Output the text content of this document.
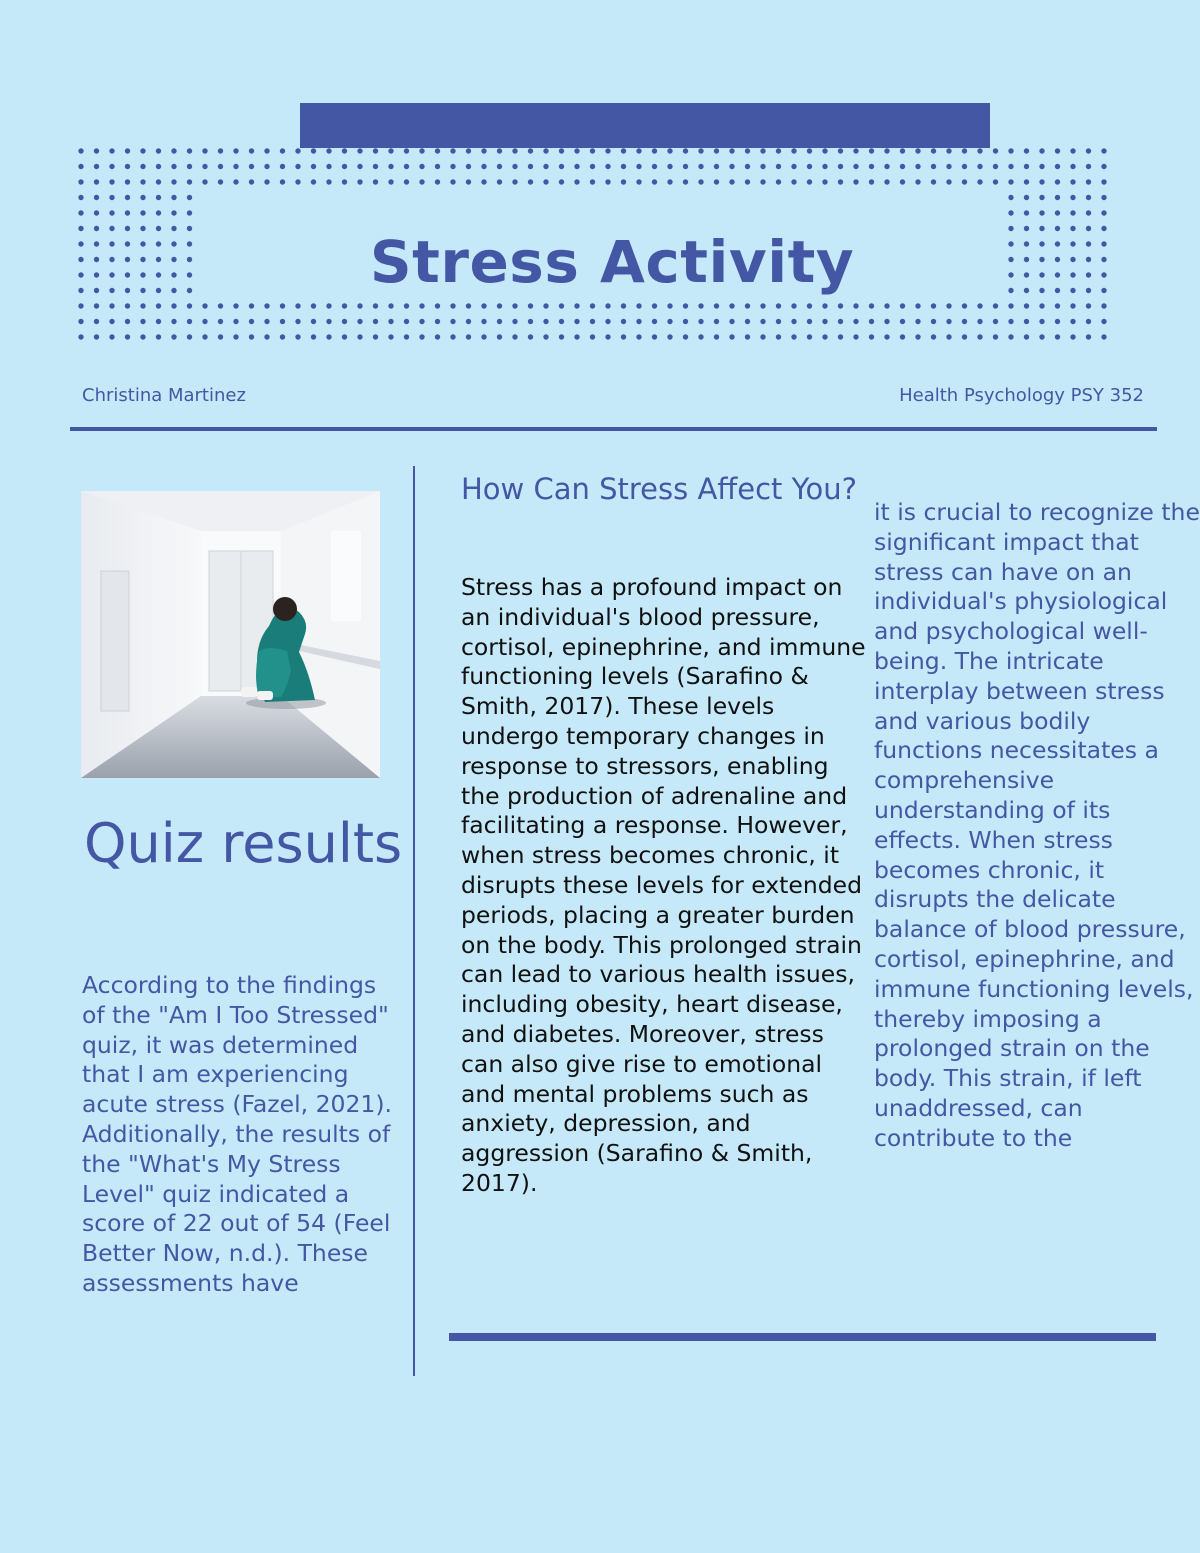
Stress Activity
Christina Martinez	Health Psychology PSY 352
Quiz results

According to the findings of the "Am I Too Stressed" quiz, it was determined that I am experiencing acute stress (Fazel, 2021). Additionally, the results of the "What's My Stress Level" quiz indicated a score of 22 out of 54 (Feel Better Now, n.d.). These assessments have

How Can Stress Affect You?

Stress has a profound impact on an individual's blood pressure, cortisol, epinephrine, and immune functioning levels (Sarafino & Smith, 2017). These levels undergo temporary changes in response to stressors, enabling the production of adrenaline and facilitating a response. However, when stress becomes chronic, it disrupts these levels for extended periods, placing a greater burden on the body. This prolonged strain can lead to various health issues, including obesity, heart disease, and diabetes. Moreover, stress can also give rise to emotional and mental problems such as anxiety, depression, and aggression (Sarafino & Smith, 2017).

it is crucial to recognize the significant impact that stress can have on an individual's physiological and psychological well-being. The intricate interplay between stress and various bodily functions necessitates a comprehensive understanding of its effects. When stress becomes chronic, it disrupts the delicate balance of blood pressure, cortisol, epinephrine, and immune functioning levels, thereby imposing a prolonged strain on the body. This strain, if left unaddressed, can contribute to the
